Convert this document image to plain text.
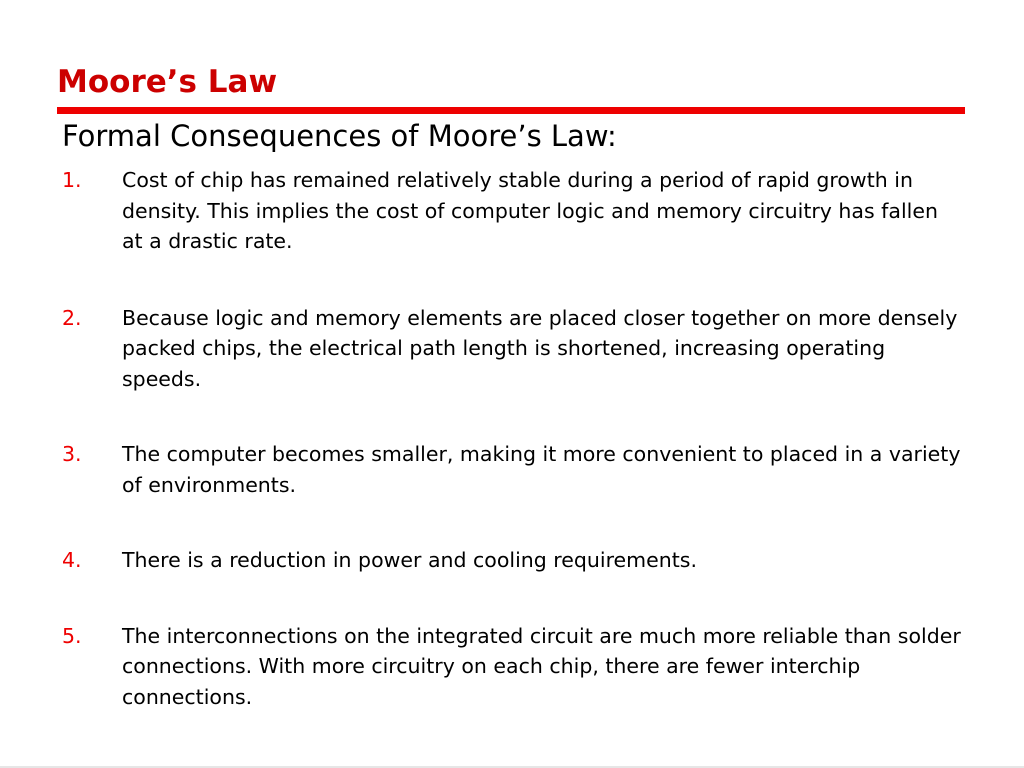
Moore’s Law
Formal Consequences of Moore’s Law:
1. Cost of chip has remained relatively stable during a period of rapid growth in density. This implies the cost of computer logic and memory circuitry has fallen at a drastic rate.
2. Because logic and memory elements are placed closer together on more densely packed chips, the electrical path length is shortened, increasing operating speeds.
3. The computer becomes smaller, making it more convenient to placed in a variety of environments.
4. There is a reduction in power and cooling requirements.
5. The interconnections on the integrated circuit are much more reliable than solder connections. With more circuitry on each chip, there are fewer interchip connections.
